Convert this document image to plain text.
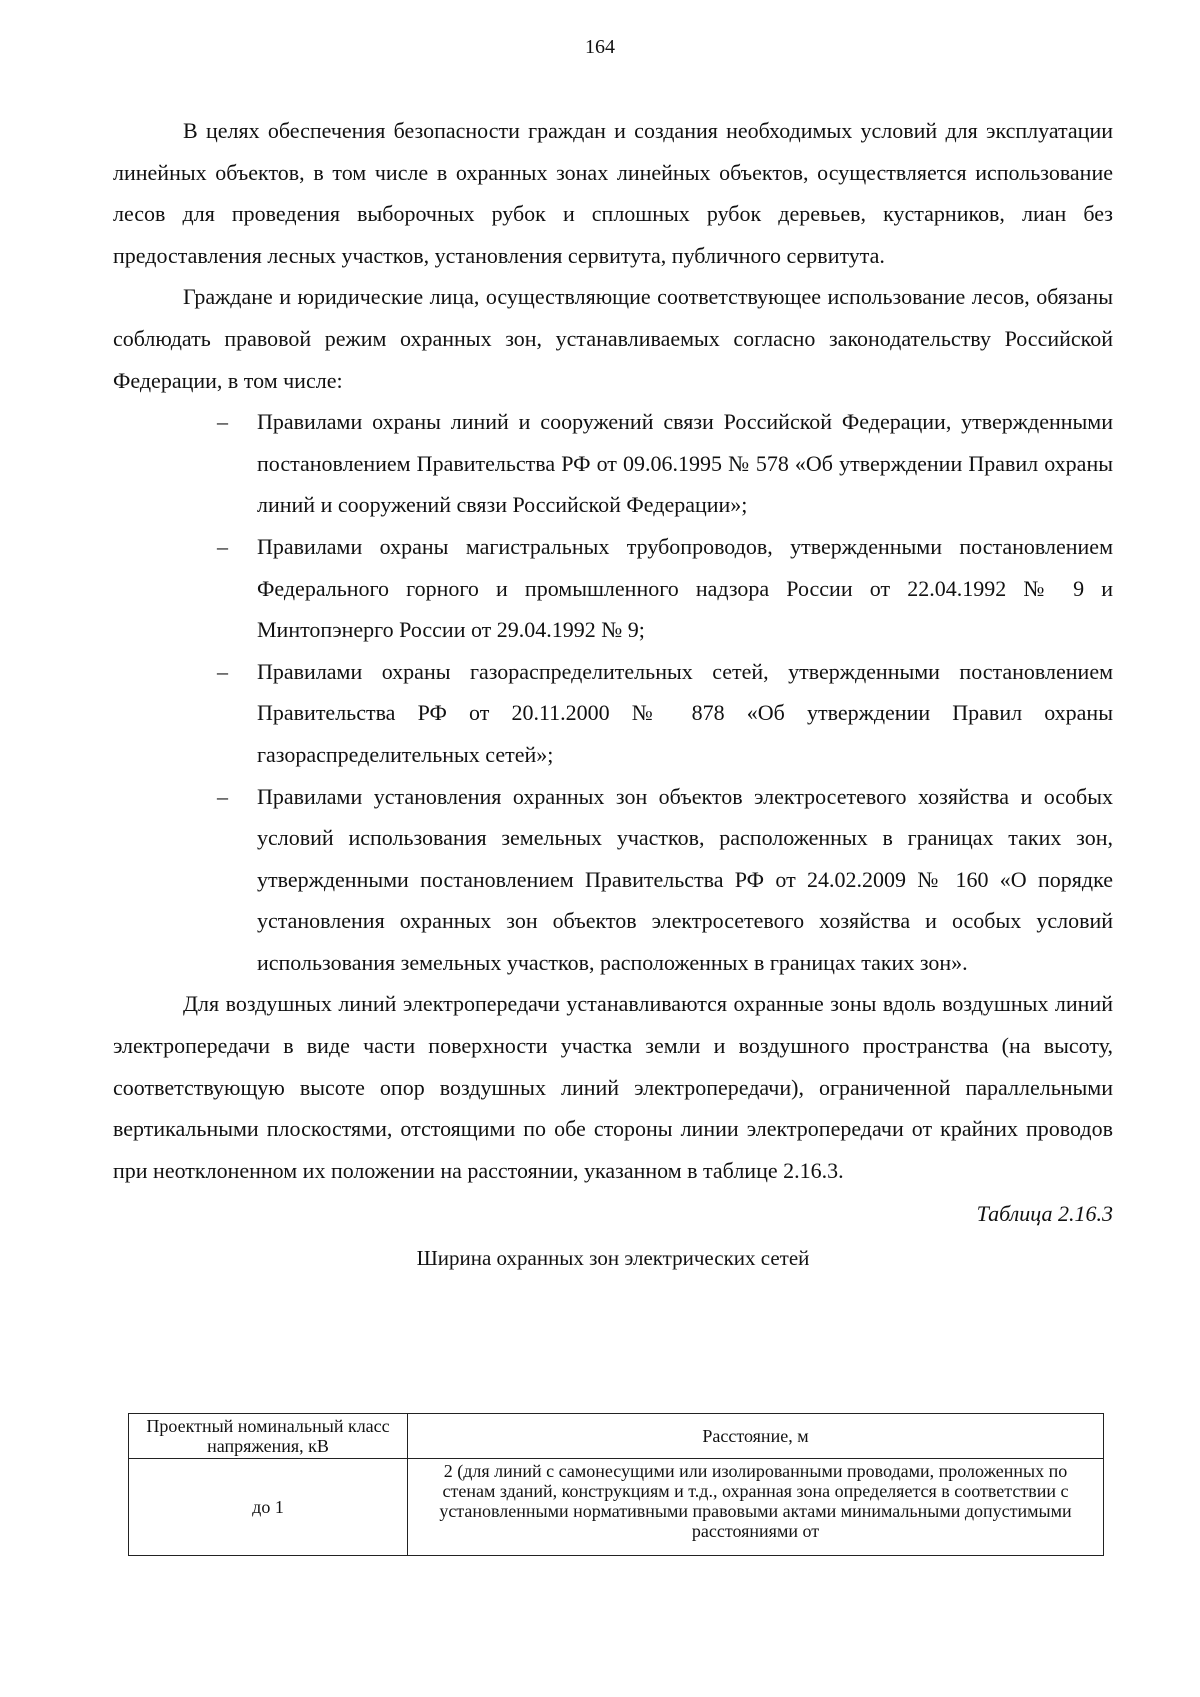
164

В целях обеспечения безопасности граждан и создания необходимых условий для эксплуатации линейных объектов, в том числе в охранных зонах линейных объектов, осуществляется использование лесов для проведения выборочных рубок и сплошных рубок деревьев, кустарников, лиан без предоставления лесных участков, установления сервитута, публичного сервитута.

Граждане и юридические лица, осуществляющие соответствующее использование лесов, обязаны соблюдать правовой режим охранных зон, устанавливаемых согласно законодательству Российской Федерации, в том числе:

– Правилами охраны линий и сооружений связи Российской Федерации, утвержденными постановлением Правительства РФ от 09.06.1995 № 578 «Об утверждении Правил охраны линий и сооружений связи Российской Федерации»;
– Правилами охраны магистральных трубопроводов, утвержденными постановлением Федерального горного и промышленного надзора России от 22.04.1992 № 9 и Минтопэнерго России от 29.04.1992 № 9;
– Правилами охраны газораспределительных сетей, утвержденными постановлением Правительства РФ от 20.11.2000 № 878 «Об утверждении Правил охраны газораспределительных сетей»;
– Правилами установления охранных зон объектов электросетевого хозяйства и особых условий использования земельных участков, расположенных в границах таких зон, утвержденными постановлением Правительства РФ от 24.02.2009 № 160 «О порядке установления охранных зон объектов электросетевого хозяйства и особых условий использования земельных участков, расположенных в границах таких зон».

Для воздушных линий электропередачи устанавливаются охранные зоны вдоль воздушных линий электропередачи в виде части поверхности участка земли и воздушного пространства (на высоту, соответствующую высоте опор воздушных линий электропередачи), ограниченной параллельными вертикальными плоскостями, отстоящими по обе стороны линии электропередачи от крайних проводов при неотклоненном их положении на расстоянии, указанном в таблице 2.16.3.

Таблица 2.16.3
Ширина охранных зон электрических сетей
Проектный номинальный класс напряжения, кВ	Расстояние, м
до 1	2 (для линий с самонесущими или изолированными проводами, проложенных по стенам зданий, конструкциям и т.д., охранная зона определяется в соответствии с установленными нормативными правовыми актами минимальными допустимыми расстояниями от
